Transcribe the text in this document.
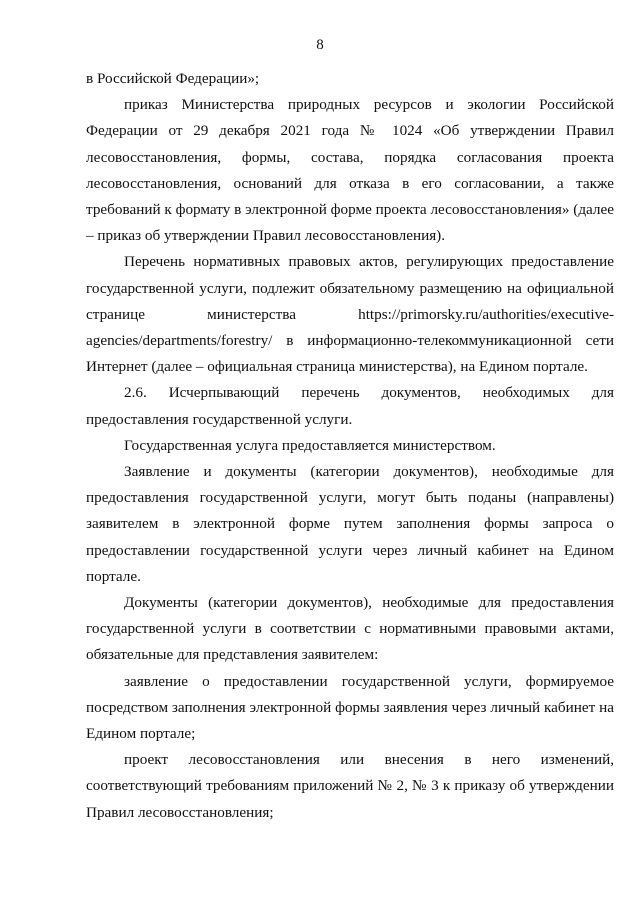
8

в Российской Федерации»;

приказ Министерства природных ресурсов и экологии Российской Федерации от 29 декабря 2021 года № 1024 «Об утверждении Правил лесовосстановления, формы, состава, порядка согласования проекта лесовосстановления, оснований для отказа в его согласовании, а также требований к формату в электронной форме проекта лесовосстановления» (далее – приказ об утверждении Правил лесовосстановления).

Перечень нормативных правовых актов, регулирующих предоставление государственной услуги, подлежит обязательному размещению на официальной странице министерства https://primorsky.ru/authorities/executive-agencies/departments/forestry/ в информационно-телекоммуникационной сети Интернет (далее – официальная страница министерства), на Едином портале.

2.6. Исчерпывающий перечень документов, необходимых для предоставления государственной услуги.

Государственная услуга предоставляется министерством.

Заявление и документы (категории документов), необходимые для предоставления государственной услуги, могут быть поданы (направлены) заявителем в электронной форме путем заполнения формы запроса о предоставлении государственной услуги через личный кабинет на Едином портале.

Документы (категории документов), необходимые для предоставления государственной услуги в соответствии с нормативными правовыми актами, обязательные для представления заявителем:

заявление о предоставлении государственной услуги, формируемое посредством заполнения электронной формы заявления через личный кабинет на Едином портале;

проект лесовосстановления или внесения в него изменений, соответствующий требованиям приложений № 2, № 3 к приказу об утверждении Правил лесовосстановления;
